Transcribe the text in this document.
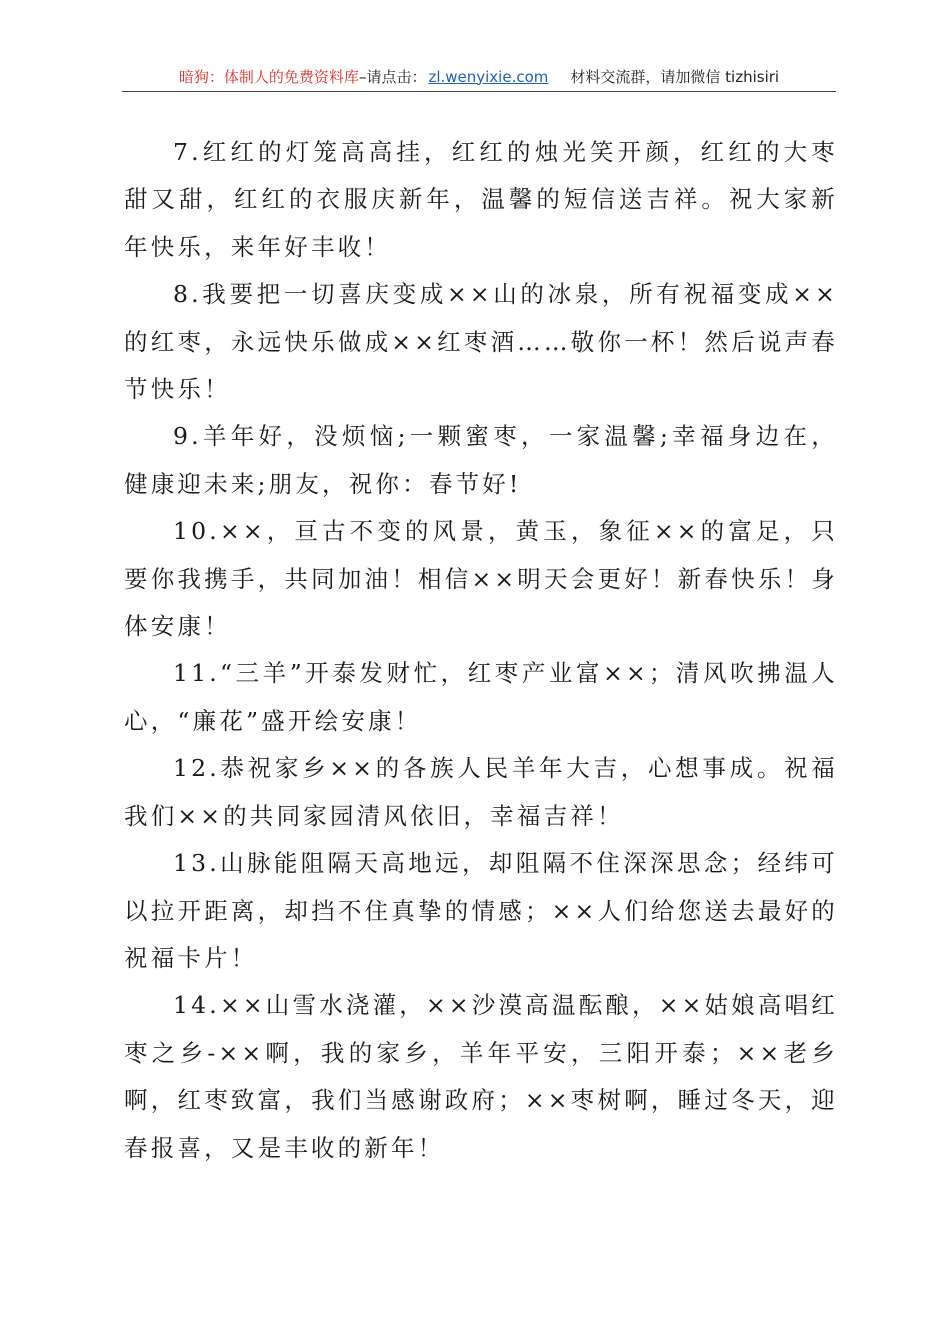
暗狗：体制人的免费资料库 –请点击： zl.wenyixie.com 材料交流群，请加微信 tizhisiri

7.红红的灯笼高高挂，红红的烛光笑开颜，红红的大枣甜又甜，红红的衣服庆新年，温馨的短信送吉祥。祝大家新年快乐，来年好丰收！

8.我要把一切喜庆变成××山的冰泉，所有祝福变成××的红枣，永远快乐做成××红枣酒……敬你一杯！然后说声春节快乐！

9.羊年好，没烦恼;一颗蜜枣，一家温馨;幸福身边在，健康迎未来;朋友，祝你：春节好!

10.××，亘古不变的风景，黄玉，象征××的富足，只要你我携手，共同加油！相信××明天会更好！新春快乐！身体安康！

11.“三羊”开泰发财忙，红枣产业富××；清风吹拂温人心，“廉花”盛开绘安康！

12.恭祝家乡××的各族人民羊年大吉，心想事成。祝福我们××的共同家园清风依旧，幸福吉祥！

13.山脉能阻隔天高地远，却阻隔不住深深思念；经纬可以拉开距离，却挡不住真挚的情感；××人们给您送去最好的祝福卡片！

14.××山雪水浇灌，××沙漠高温酝酿，××姑娘高唱红枣之乡-××啊，我的家乡，羊年平安，三阳开泰；××老乡啊，红枣致富，我们当感谢政府；××枣树啊，睡过冬天，迎春报喜，又是丰收的新年！
